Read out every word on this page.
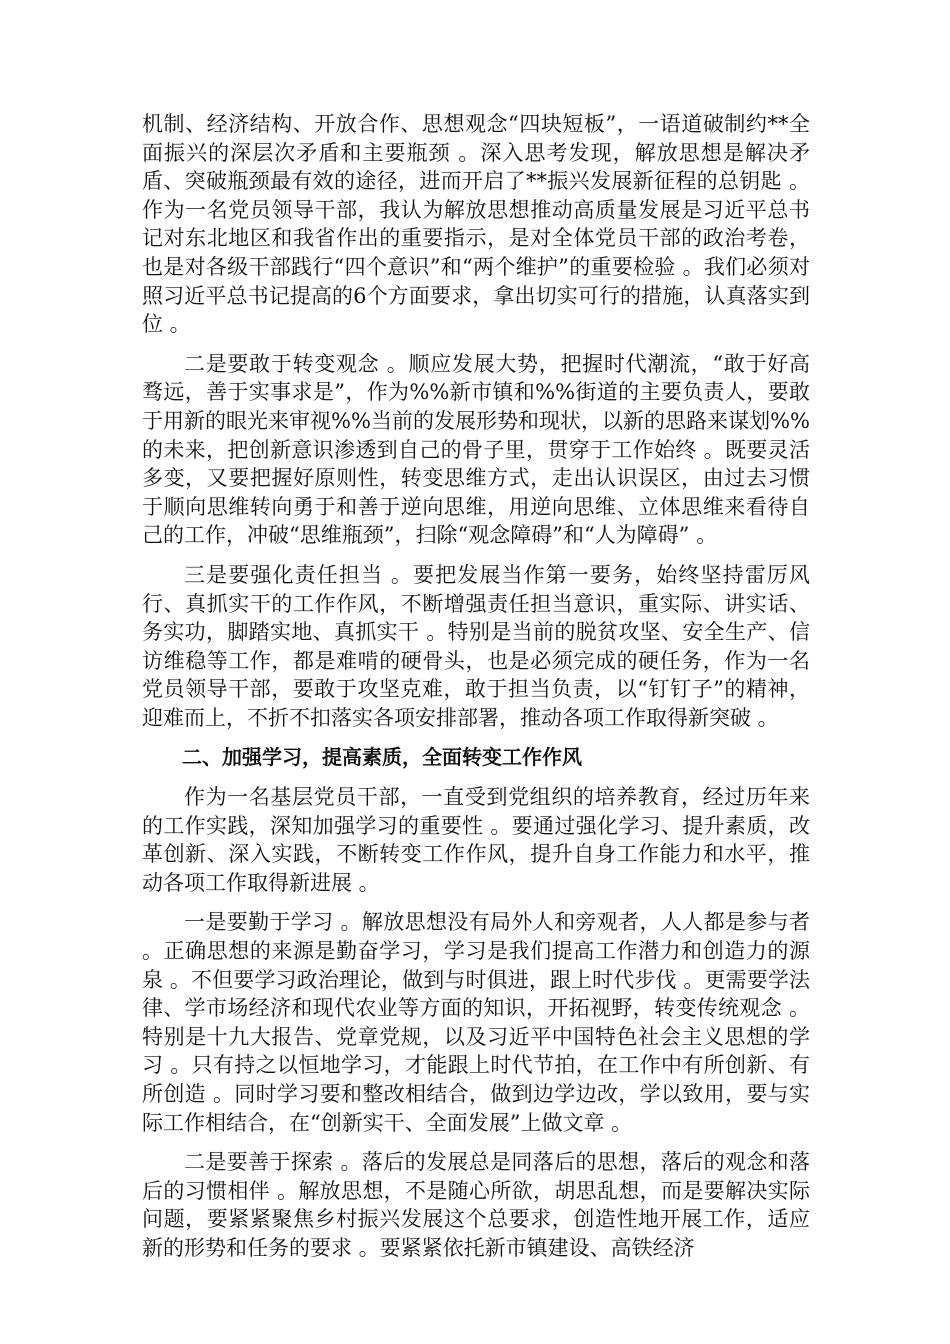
机制、经济结构、开放合作、思想观念“四块短板”，一语道破制约**全面振兴的深层次矛盾和主要瓶颈 。深入思考发现，解放思想是解决矛盾、突破瓶颈最有效的途径，进而开启了**振兴发展新征程的总钥匙 。作为一名党员领导干部，我认为解放思想推动高质量发展是习近平总书记对东北地区和我省作出的重要指示，是对全体党员干部的政治考卷，也是对各级干部践行“四个意识”和“两个维护”的重要检验 。我们必须对照习近平总书记提高的6个方面要求，拿出切实可行的措施，认真落实到位 。

二是要敢于转变观念 。顺应发展大势，把握时代潮流，“敢于好高骛远，善于实事求是”，作为%%新市镇和%%街道的主要负责人，要敢于用新的眼光来审视%%当前的发展形势和现状，以新的思路来谋划%%的未来，把创新意识渗透到自己的骨子里，贯穿于工作始终 。既要灵活多变，又要把握好原则性，转变思维方式，走出认识误区，由过去习惯于顺向思维转向勇于和善于逆向思维，用逆向思维、立体思维来看待自己的工作，冲破“思维瓶颈”，扫除“观念障碍”和“人为障碍” 。

三是要强化责任担当 。要把发展当作第一要务，始终坚持雷厉风行、真抓实干的工作作风，不断增强责任担当意识，重实际、讲实话、务实功，脚踏实地、真抓实干 。特别是当前的脱贫攻坚、安全生产、信访维稳等工作，都是难啃的硬骨头，也是必须完成的硬任务，作为一名党员领导干部，要敢于攻坚克难，敢于担当负责，以“钉钉子”的精神，迎难而上，不折不扣落实各项安排部署，推动各项工作取得新突破 。

二、加强学习，提高素质，全面转变工作作风

作为一名基层党员干部，一直受到党组织的培养教育，经过历年来的工作实践，深知加强学习的重要性 。要通过强化学习、提升素质，改革创新、深入实践，不断转变工作作风，提升自身工作能力和水平，推动各项工作取得新进展 。

一是要勤于学习 。解放思想没有局外人和旁观者，人人都是参与者 。正确思想的来源是勤奋学习，学习是我们提高工作潜力和创造力的源泉 。不但要学习政治理论，做到与时俱进，跟上时代步伐 。更需要学法律、学市场经济和现代农业等方面的知识，开拓视野，转变传统观念 。特别是十九大报告、党章党规，以及习近平中国特色社会主义思想的学习 。只有持之以恒地学习，才能跟上时代节拍，在工作中有所创新、有所创造 。同时学习要和整改相结合，做到边学边改，学以致用，要与实际工作相结合，在“创新实干、全面发展”上做文章 。

二是要善于探索 。落后的发展总是同落后的思想，落后的观念和落后的习惯相伴 。解放思想，不是随心所欲，胡思乱想，而是要解决实际问题，要紧紧聚焦乡村振兴发展这个总要求，创造性地开展工作，适应新的形势和任务的要求 。要紧紧依托新市镇建设、高铁经济
